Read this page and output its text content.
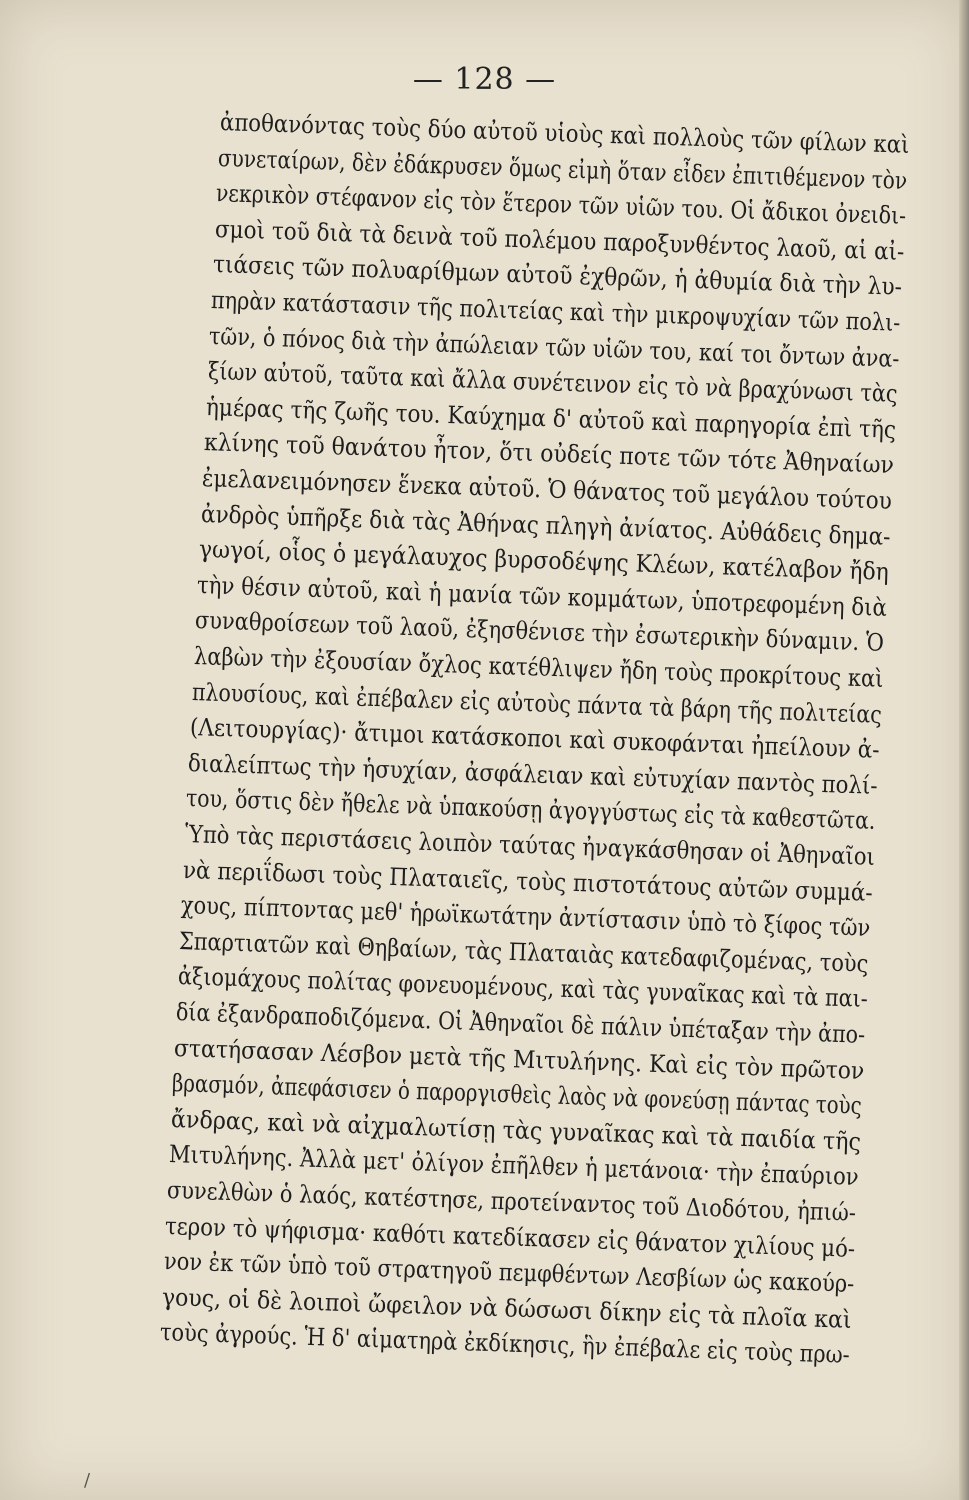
— 128 —
ἀποθανόντας τοὺς δύο αὐτοῦ υἱοὺς καὶ πολλοὺς τῶν φίλων καὶ
συνεταίρων, δὲν ἐδάκρυσεν ὅμως εἰμὴ ὅταν εἶδεν ἐπιτιθέμενον τὸν
νεκρικὸν στέφανον εἰς τὸν ἕτερον τῶν υἱῶν του. Οἱ ἄδικοι ὀνειδι-
σμοὶ τοῦ διὰ τὰ δεινὰ τοῦ πολέμου παροξυνθέντος λαοῦ, αἱ αἰ-
τιάσεις τῶν πολυαρίθμων αὐτοῦ ἐχθρῶν, ἡ ἀθυμία διὰ τὴν λυ-
πηρὰν κατάστασιν τῆς πολιτείας καὶ τὴν μικροψυχίαν τῶν πολι-
τῶν, ὁ πόνος διὰ τὴν ἀπώλειαν τῶν υἱῶν του, καί τοι ὄντων ἀνα-
ξίων αὐτοῦ, ταῦτα καὶ ἄλλα συνέτεινον εἰς τὸ νὰ βραχύνωσι τὰς
ἡμέρας τῆς ζωῆς του. Καύχημα δ' αὐτοῦ καὶ παρηγορία ἐπὶ τῆς
κλίνης τοῦ θανάτου ἦτον, ὅτι οὐδείς ποτε τῶν τότε Ἀθηναίων
ἐμελανειμόνησεν ἕνεκα αὐτοῦ. Ὁ θάνατος τοῦ μεγάλου τούτου
ἀνδρὸς ὑπῆρξε διὰ τὰς Ἀθήνας πληγὴ ἀνίατος. Αὐθάδεις δημα-
γωγοί, οἷος ὁ μεγάλαυχος βυρσοδέψης Κλέων, κατέλαβον ἤδη
τὴν θέσιν αὐτοῦ, καὶ ἡ μανία τῶν κομμάτων, ὑποτρεφομένη διὰ
συναθροίσεων τοῦ λαοῦ, ἐξησθένισε τὴν ἐσωτερικὴν δύναμιν. Ὁ
λαβὼν τὴν ἐξουσίαν ὄχλος κατέθλιψεν ἤδη τοὺς προκρίτους καὶ
πλουσίους, καὶ ἐπέβαλεν εἰς αὐτοὺς πάντα τὰ βάρη τῆς πολιτείας
(Λειτουργίας)· ἄτιμοι κατάσκοποι καὶ συκοφάνται ἠπείλουν ἀ-
διαλείπτως τὴν ἡσυχίαν, ἀσφάλειαν καὶ εὐτυχίαν παντὸς πολί-
του, ὅστις δὲν ἤθελε νὰ ὑπακούσῃ ἀγογγύστως εἰς τὰ καθεστῶτα.
Ὑπὸ τὰς περιστάσεις λοιπὸν ταύτας ἠναγκάσθησαν οἱ Ἀθηναῖοι
νὰ περιΐδωσι τοὺς Πλαταιεῖς, τοὺς πιστοτάτους αὐτῶν συμμά-
χους, πίπτοντας μεθ' ἡρωϊκωτάτην ἀντίστασιν ὑπὸ τὸ ξίφος τῶν
Σπαρτιατῶν καὶ Θηβαίων, τὰς Πλαταιὰς κατεδαφιζομένας, τοὺς
ἀξιομάχους πολίτας φονευομένους, καὶ τὰς γυναῖκας καὶ τὰ παι-
δία ἐξανδραποδιζόμενα. Οἱ Ἀθηναῖοι δὲ πάλιν ὑπέταξαν τὴν ἀπο-
στατήσασαν Λέσβον μετὰ τῆς Μιτυλήνης. Καὶ εἰς τὸν πρῶτον
βρασμόν, ἀπεφάσισεν ὁ παροργισθεὶς λαὸς νὰ φονεύσῃ πάντας τοὺς
ἄνδρας, καὶ νὰ αἰχμαλωτίσῃ τὰς γυναῖκας καὶ τὰ παιδία τῆς
Μιτυλήνης. Ἀλλὰ μετ' ὀλίγον ἐπῆλθεν ἡ μετάνοια· τὴν ἐπαύριον
συνελθὼν ὁ λαός, κατέστησε, προτείναντος τοῦ Διοδότου, ἠπιώ-
τερον τὸ ψήφισμα· καθότι κατεδίκασεν εἰς θάνατον χιλίους μό-
νον ἐκ τῶν ὑπὸ τοῦ στρατηγοῦ πεμφθέντων Λεσβίων ὡς κακούρ-
γους, οἱ δὲ λοιποὶ ὤφειλον νὰ δώσωσι δίκην εἰς τὰ πλοῖα καὶ
τοὺς ἀγρούς. Ἡ δ' αἱματηρὰ ἐκδίκησις, ἣν ἐπέβαλε εἰς τοὺς πρω-
/
